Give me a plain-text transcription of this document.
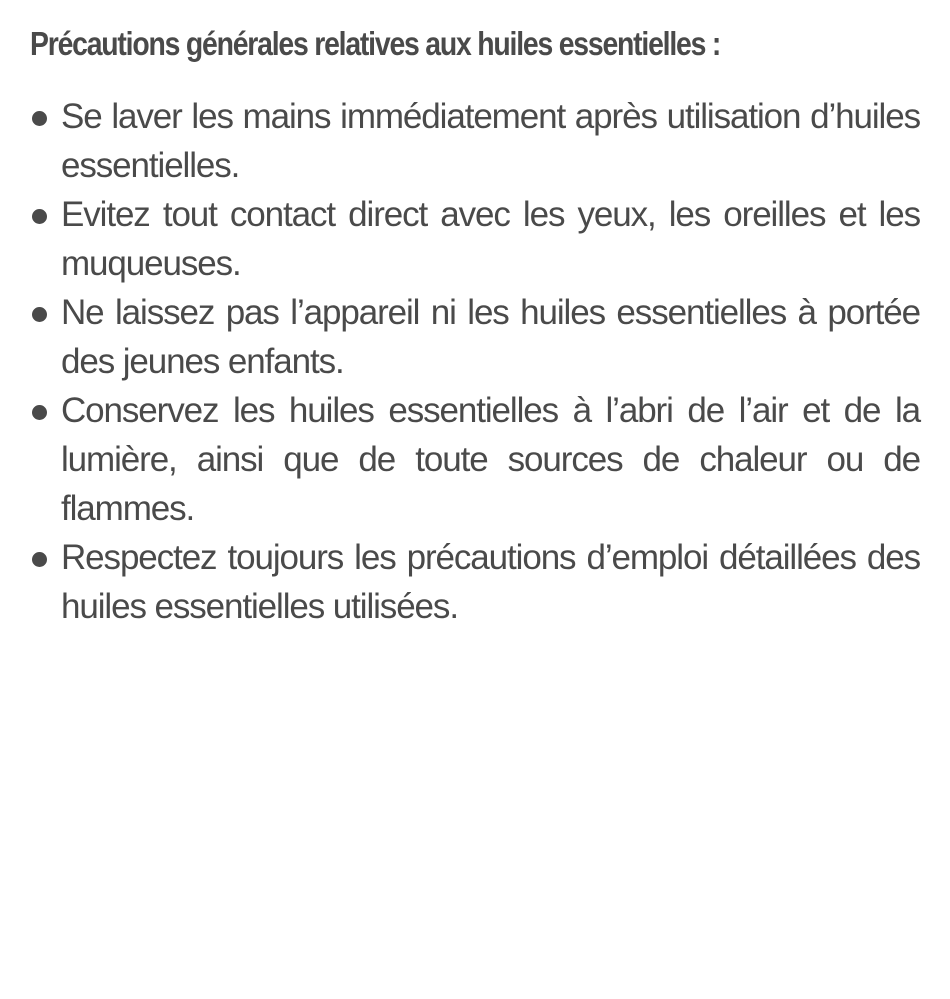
Précautions générales relatives aux huiles essentielles :
Se laver les mains immédiatement après utilisation d’huiles essentielles.
Evitez tout contact direct avec les yeux, les oreilles et les muqueuses.
Ne laissez pas l’appareil ni les huiles essentielles à portée des jeunes enfants.
Conservez les huiles essentielles à l’abri de l’air et de la lumière, ainsi que de toute sources de chaleur ou de flammes.
Respectez toujours les précautions d’emploi détaillées des huiles essentielles utilisées.
